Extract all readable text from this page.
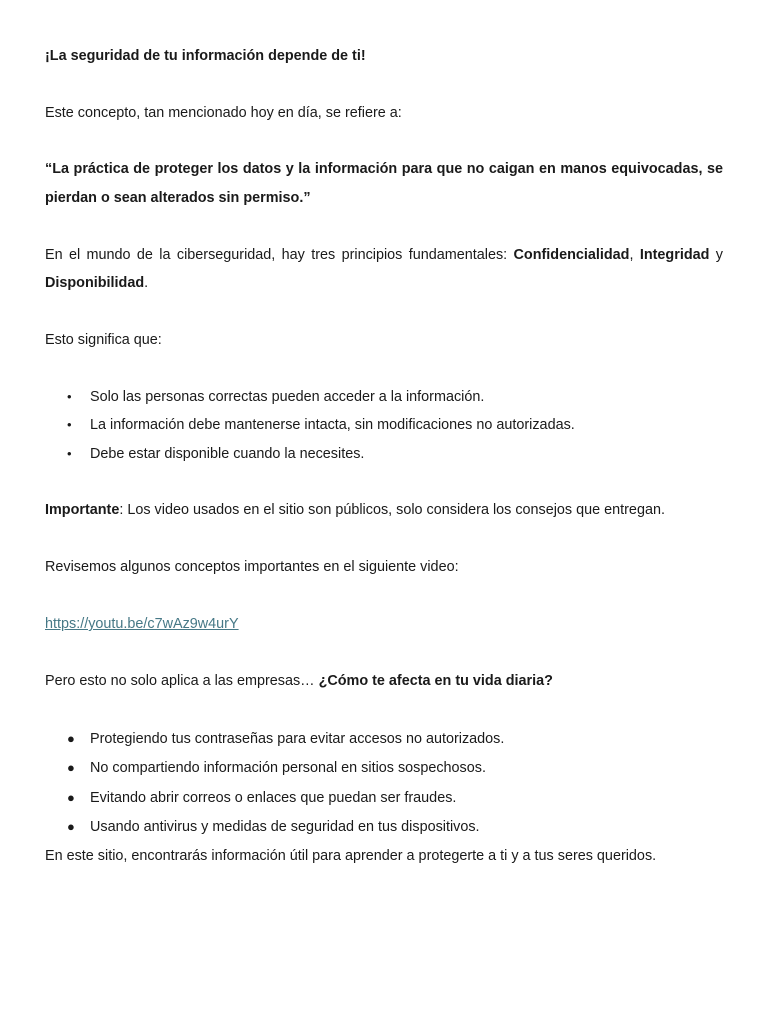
¡La seguridad de tu información depende de ti!
Este concepto, tan mencionado hoy en día, se refiere a:
“La práctica de proteger los datos y la información para que no caigan en manos equivocadas, se
pierdan o sean alterados sin permiso.”
En el mundo de la ciberseguridad, hay tres principios fundamentales: Confidencialidad, Integridad y
Disponibilidad.
Esto significa que:
• Solo las personas correctas pueden acceder a la información.
• La información debe mantenerse intacta, sin modificaciones no autorizadas.
• Debe estar disponible cuando la necesites.
Importante: Los video usados en el sitio son públicos, solo considera los consejos que entregan.
Revisemos algunos conceptos importantes en el siguiente video:
https://youtu.be/c7wAz9w4urY
Pero esto no solo aplica a las empresas… ¿Cómo te afecta en tu vida diaria?
● Protegiendo tus contraseñas para evitar accesos no autorizados.
● No compartiendo información personal en sitios sospechosos.
● Evitando abrir correos o enlaces que puedan ser fraudes.
● Usando antivirus y medidas de seguridad en tus dispositivos.
En este sitio, encontrarás información útil para aprender a protegerte a ti y a tus seres queridos.
